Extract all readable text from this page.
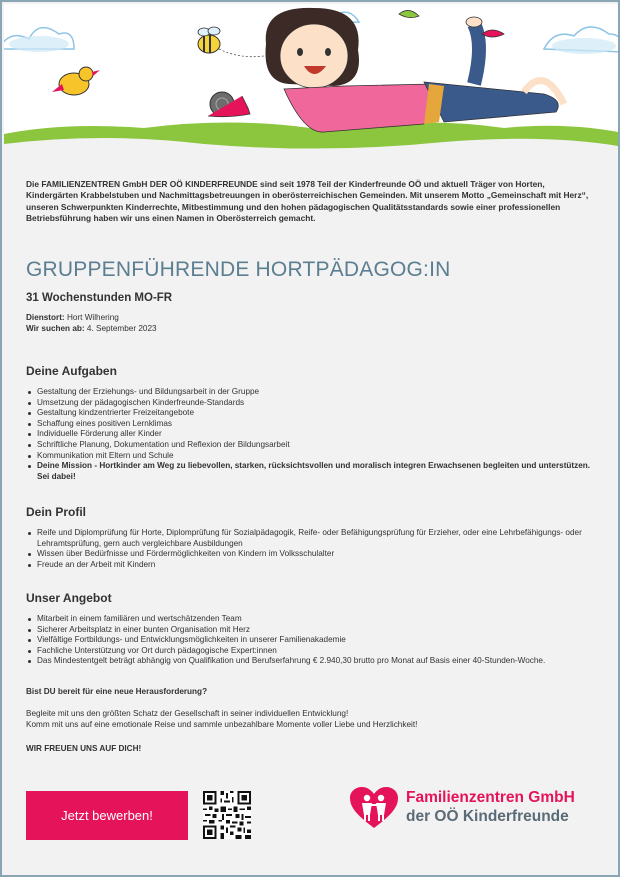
Die FAMILIENZENTREN GmbH DER OÖ KINDERFREUNDE sind seit 1978 Teil der Kinderfreunde OÖ und aktuell Träger von Horten, Kindergärten Krabbelstuben und Nachmittagsbetreuungen in oberösterreichischen Gemeinden. Mit unserem Motto „Gemeinschaft mit Herz“, unseren Schwerpunkten Kinderrechte, Mitbestimmung und den hohen pädagogischen Qualitätsstandards sowie einer professionellen Betriebsführung haben wir uns einen Namen in Oberösterreich gemacht.

GRUPPENFÜHRENDE HORTPÄDAGOG:IN
31 Wochenstunden MO-FR
Dienstort: Hort Wilhering
Wir suchen ab: 4. September 2023
Deine Aufgaben
Gestaltung der Erziehungs- und Bildungsarbeit in der Gruppe
Umsetzung der pädagogischen Kinderfreunde-Standards
Gestaltung kindzentrierter Freizeitangebote
Schaffung eines positiven Lernklimas
Individuelle Förderung aller Kinder
Schriftliche Planung, Dokumentation und Reflexion der Bildungsarbeit
Kommunikation mit Eltern und Schule
Deine Mission - Hortkinder am Weg zu liebevollen, starken, rücksichtsvollen und moralisch integren Erwachsenen begleiten und unterstützen. Sei dabei!
Dein Profil
Reife und Diplomprüfung für Horte, Diplomprüfung für Sozialpädagogik, Reife- oder Befähigungsprüfung für Erzieher, oder eine Lehrbefähigungs- oder Lehramtsprüfung, gern auch vergleichbare Ausbildungen
Wissen über Bedürfnisse und Fördermöglichkeiten von Kindern im Volksschulalter
Freude an der Arbeit mit Kindern
Unser Angebot
Mitarbeit in einem familiären und wertschätzenden Team
Sicherer Arbeitsplatz in einer bunten Organisation mit Herz
Vielfältige Fortbildungs- und Entwicklungsmöglichkeiten in unserer Familienakademie
Fachliche Unterstützung vor Ort durch pädagogische Expert:innen
Das Mindestentgelt beträgt abhängig von Qualifikation und Berufserfahrung € 2.940,30 brutto pro Monat auf Basis einer 40-Stunden-Woche.

Bist DU bereit für eine neue Herausforderung?

Begleite mit uns den größten Schatz der Gesellschaft in seiner individuellen Entwicklung!

Komm mit uns auf eine emotionale Reise und sammle unbezahlbare Momente voller Liebe und Herzlichkeit!

WIR FREUEN UNS AUF DICH!

Jetzt bewerben!
Familienzentren GmbH
der OÖ Kinderfreunde
